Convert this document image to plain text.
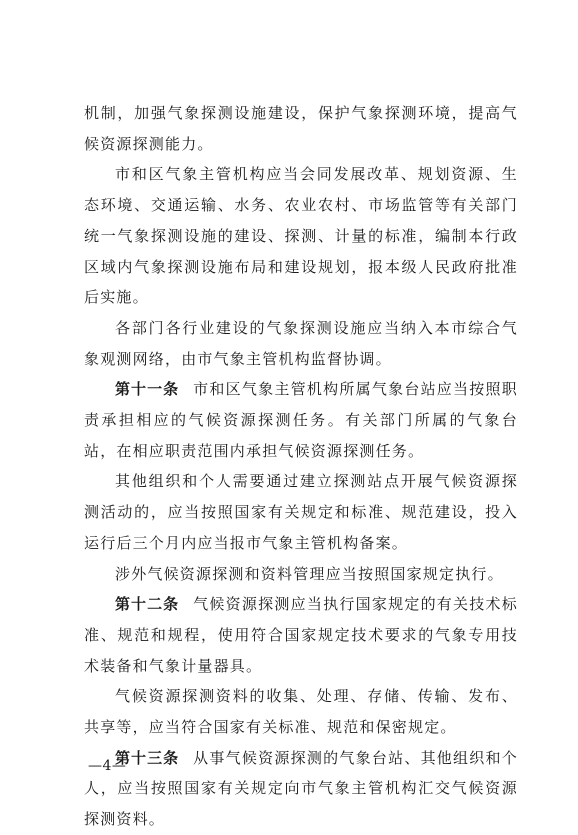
机制，加强气象探测设施建设，保护气象探测环境，提高气候资源探测能力。

市和区气象主管机构应当会同发展改革、规划资源、生态环境、交通运输、水务、农业农村、市场监管等有关部门统一气象探测设施的建设、探测、计量的标准，编制本行政区域内气象探测设施布局和建设规划，报本级人民政府批准后实施。

各部门各行业建设的气象探测设施应当纳入本市综合气象观测网络，由市气象主管机构监督协调。

第十一条 市和区气象主管机构所属气象台站应当按照职责承担相应的气候资源探测任务。有关部门所属的气象台站，在相应职责范围内承担气候资源探测任务。

其他组织和个人需要通过建立探测站点开展气候资源探测活动的，应当按照国家有关规定和标准、规范建设，投入运行后三个月内应当报市气象主管机构备案。

涉外气候资源探测和资料管理应当按照国家规定执行。

第十二条 气候资源探测应当执行国家规定的有关技术标准、规范和规程，使用符合国家规定技术要求的气象专用技术装备和气象计量器具。

气候资源探测资料的收集、处理、存储、传输、发布、共享等，应当符合国家有关标准、规范和保密规定。

第十三条 从事气候资源探测的气象台站、其他组织和个人，应当按照国家有关规定向市气象主管机构汇交气候资源探测资料。

—4—
